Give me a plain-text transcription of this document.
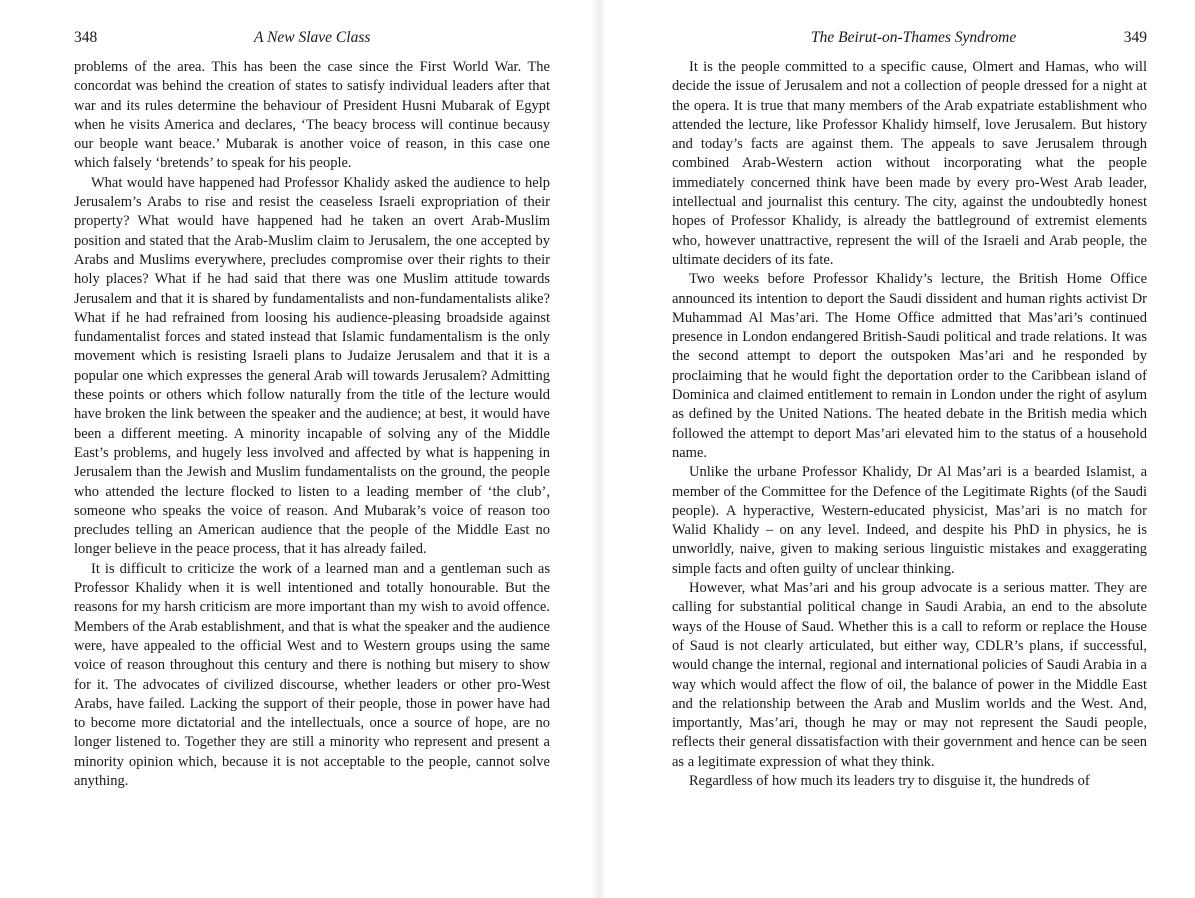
348	A New Slave Class

problems of the area. This has been the case since the First World War. The concordat was behind the creation of states to satisfy individual leaders after that war and its rules determine the behaviour of President Husni Mubarak of Egypt when he visits America and declares, ‘The beacy brocess will continue becausy our beople want beace.’ Mubarak is another voice of reason, in this case one which falsely ‘bretends’ to speak for his people.

What would have happened had Professor Khalidy asked the audience to help Jerusalem’s Arabs to rise and resist the ceaseless Israeli expropriation of their property? What would have happened had he taken an overt Arab-Muslim position and stated that the Arab-Muslim claim to Jerusalem, the one accepted by Arabs and Muslims everywhere, precludes compromise over their rights to their holy places? What if he had said that there was one Muslim attitude towards Jerusalem and that it is shared by fundamentalists and non-fundamentalists alike? What if he had refrained from loosing his audience-pleasing broadside against fundamentalist forces and stated instead that Islamic fundamentalism is the only movement which is resisting Israeli plans to Judaize Jerusalem and that it is a popular one which expresses the general Arab will towards Jerusalem? Admitting these points or others which follow naturally from the title of the lecture would have broken the link between the speaker and the audience; at best, it would have been a different meeting. A minority incapable of solving any of the Middle East’s problems, and hugely less involved and affected by what is happening in Jerusalem than the Jewish and Muslim fundamentalists on the ground, the people who attended the lecture flocked to listen to a leading member of ‘the club’, someone who speaks the voice of reason. And Mubarak’s voice of reason too precludes telling an American audience that the people of the Middle East no longer believe in the peace process, that it has already failed.

It is difficult to criticize the work of a learned man and a gentleman such as Professor Khalidy when it is well intentioned and totally honourable. But the reasons for my harsh criticism are more important than my wish to avoid offence. Members of the Arab establishment, and that is what the speaker and the audience were, have appealed to the official West and to Western groups using the same voice of reason throughout this century and there is nothing but misery to show for it. The advocates of civilized discourse, whether leaders or other pro-West Arabs, have failed. Lacking the support of their people, those in power have had to become more dictatorial and the intellectuals, once a source of hope, are no longer listened to. Together they are still a minority who represent and present a minority opinion which, because it is not acceptable to the people, cannot solve anything.

The Beirut-on-Thames Syndrome	349

It is the people committed to a specific cause, Olmert and Hamas, who will decide the issue of Jerusalem and not a collection of people dressed for a night at the opera. It is true that many members of the Arab expatriate establishment who attended the lecture, like Professor Khalidy himself, love Jerusalem. But history and today’s facts are against them. The appeals to save Jerusalem through combined Arab-Western action without incorporating what the people immediately concerned think have been made by every pro-West Arab leader, intellectual and journalist this century. The city, against the undoubtedly honest hopes of Professor Khalidy, is already the battleground of extremist elements who, however unattractive, represent the will of the Israeli and Arab people, the ultimate deciders of its fate.

Two weeks before Professor Khalidy’s lecture, the British Home Office announced its intention to deport the Saudi dissident and human rights activist Dr Muhammad Al Mas’ari. The Home Office admitted that Mas’ari’s continued presence in London endangered British-Saudi political and trade relations. It was the second attempt to deport the outspoken Mas’ari and he responded by proclaiming that he would fight the deportation order to the Caribbean island of Dominica and claimed entitlement to remain in London under the right of asylum as defined by the United Nations. The heated debate in the British media which followed the attempt to deport Mas’ari elevated him to the status of a household name.

Unlike the urbane Professor Khalidy, Dr Al Mas’ari is a bearded Islamist, a member of the Committee for the Defence of the Legitimate Rights (of the Saudi people). A hyperactive, Western-educated physicist, Mas’ari is no match for Walid Khalidy – on any level. Indeed, and despite his PhD in physics, he is unworldly, naive, given to making serious linguistic mistakes and exaggerating simple facts and often guilty of unclear thinking.

However, what Mas’ari and his group advocate is a serious matter. They are calling for substantial political change in Saudi Arabia, an end to the absolute ways of the House of Saud. Whether this is a call to reform or replace the House of Saud is not clearly articulated, but either way, CDLR’s plans, if successful, would change the internal, regional and international policies of Saudi Arabia in a way which would affect the flow of oil, the balance of power in the Middle East and the relationship between the Arab and Muslim worlds and the West. And, importantly, Mas’ari, though he may or may not represent the Saudi people, reflects their general dissatisfaction with their government and hence can be seen as a legitimate expression of what they think.

Regardless of how much its leaders try to disguise it, the hundreds of
